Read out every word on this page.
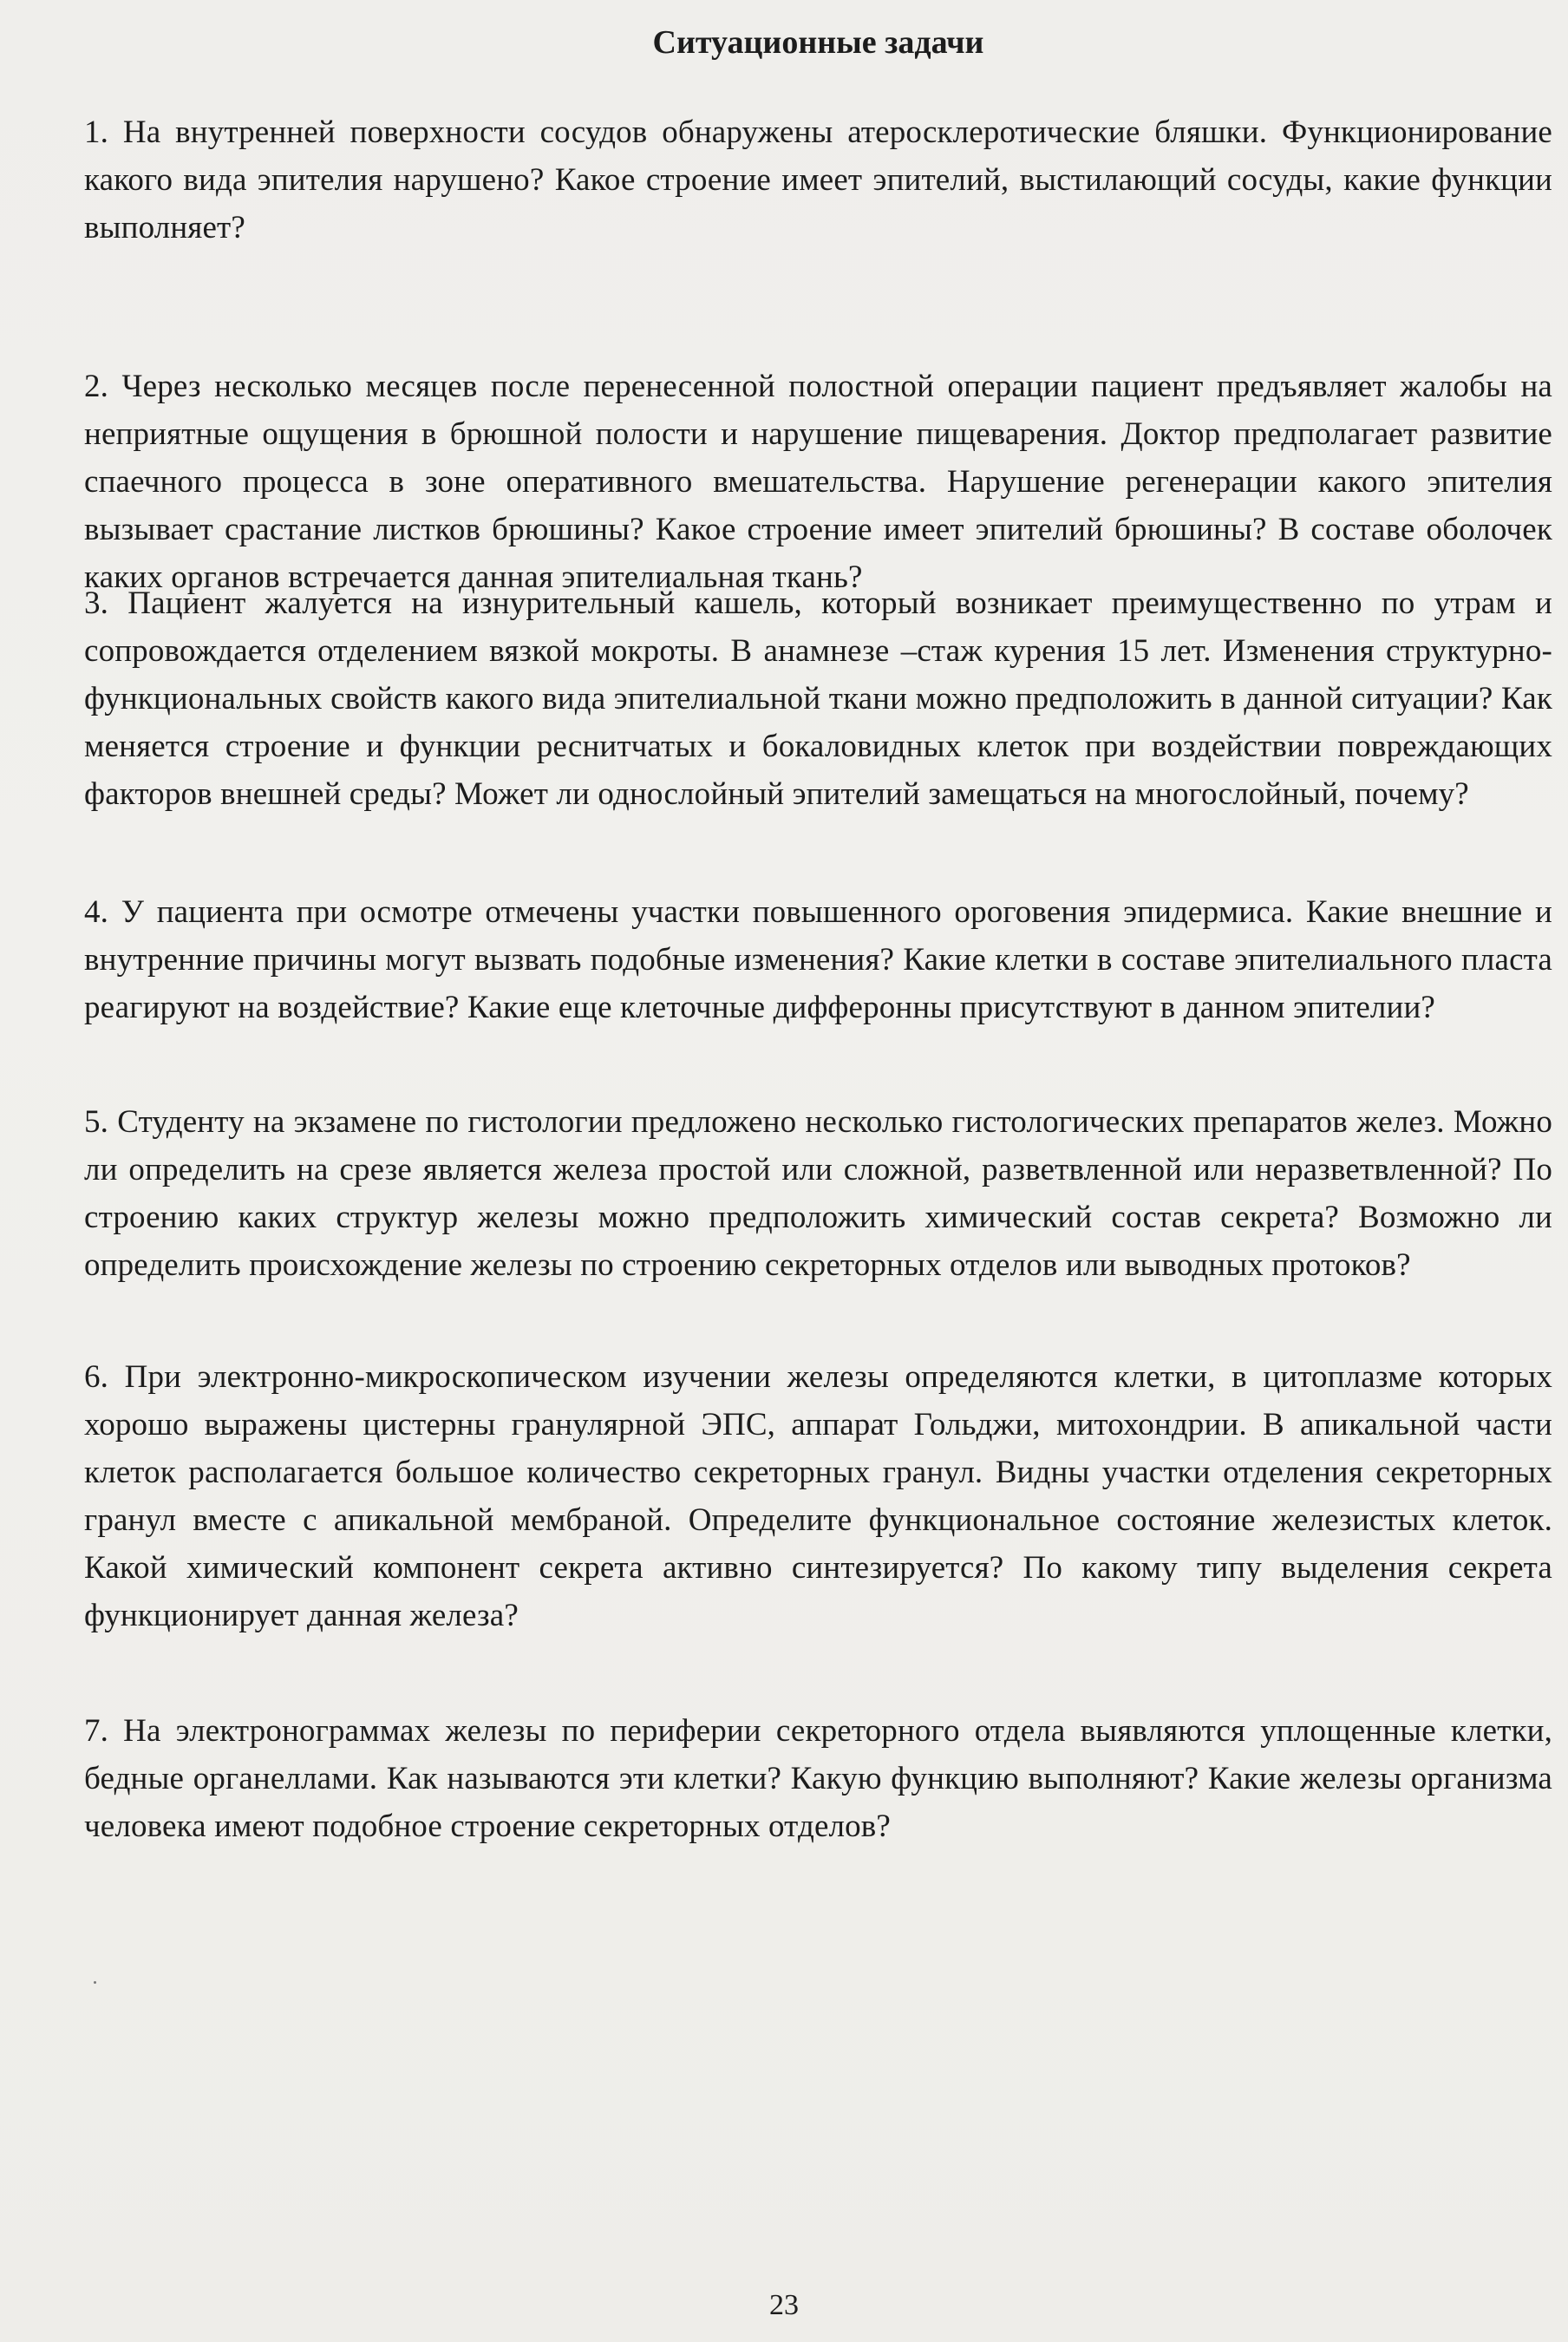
Ситуационные задачи

1. На внутренней поверхности сосудов обнаружены атеросклеротические бляшки. Функционирование какого вида эпителия нарушено? Какое строение имеет эпителий, выстилающий сосуды, какие функции выполняет?

2. Через несколько месяцев после перенесенной полостной операции пациент предъявляет жалобы на неприятные ощущения в брюшной полости и нарушение пищеварения. Доктор предполагает развитие спаечного процесса в зоне оперативного вмешательства. Нарушение регенерации какого эпителия вызывает срастание листков брюшины? Какое строение имеет эпителий брюшины? В составе оболочек каких органов встречается данная эпителиальная ткань?

3. Пациент жалуется на изнурительный кашель, который возникает преимущественно по утрам и сопровождается отделением вязкой мокроты. В анамнезе –стаж курения 15 лет. Изменения структурно-функциональных свойств какого вида эпителиальной ткани можно предположить в данной ситуации? Как меняется строение и функции реснитчатых и бокаловидных клеток при воздействии повреждающих факторов внешней среды? Может ли однослойный эпителий замещаться на многослойный, почему?

4. У пациента при осмотре отмечены участки повышенного ороговения эпидермиса. Какие внешние и внутренние причины могут вызвать подобные изменения? Какие клетки в составе эпителиального пласта реагируют на воздействие? Какие еще клеточные дифферонны присутствуют в данном эпителии?

5. Студенту на экзамене по гистологии предложено несколько гистологических препаратов желез. Можно ли определить на срезе является железа простой или сложной, разветвленной или неразветвленной? По строению каких структур железы можно предположить химический состав секрета? Возможно ли определить происхождение железы по строению секреторных отделов или выводных протоков?

6. При электронно-микроскопическом изучении железы определяются клетки, в цитоплазме которых хорошо выражены цистерны гранулярной ЭПС, аппарат Гольджи, митохондрии. В апикальной части клеток располагается большое количество секреторных гранул. Видны участки отделения секреторных гранул вместе с апикальной мембраной. Определите функциональное состояние железистых клеток. Какой химический компонент секрета активно синтезируется? По какому типу выделения секрета функционирует данная железа?

7. На электронограммах железы по периферии секреторного отдела выявляются уплощенные клетки, бедные органеллами. Как называются эти клетки? Какую функцию выполняют? Какие железы организма человека имеют подобное строение секреторных отделов?

23
